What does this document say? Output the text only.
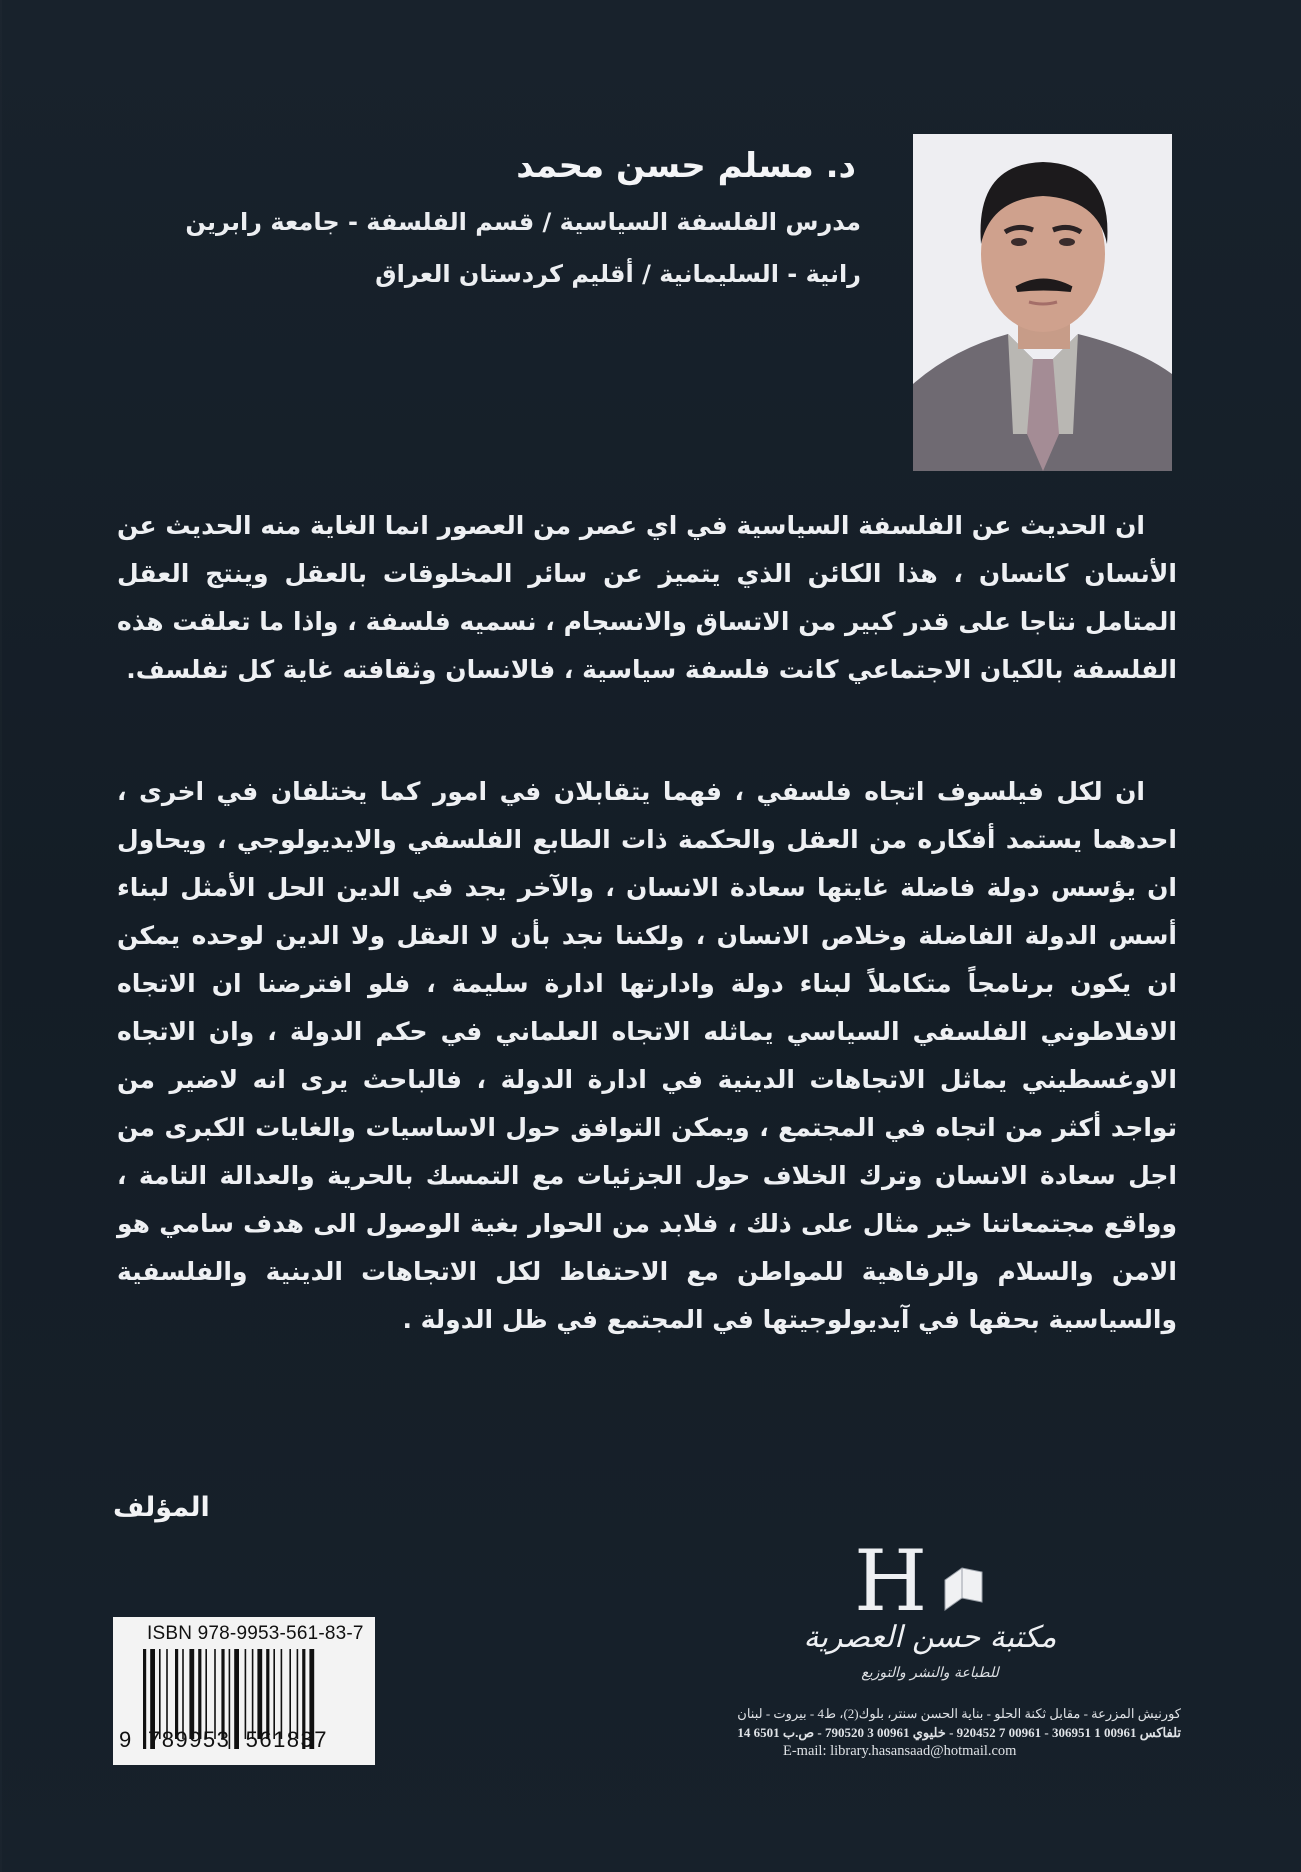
د. مسلم حسن محمد
مدرس الفلسفة السياسية / قسم الفلسفة - جامعة رابرين
رانية - السليمانية / أقليم كردستان العراق

ان الحديث عن الفلسفة السياسية في اي عصر من العصور انما الغاية منه الحديث عن الأنسان كانسان ، هذا الكائن الذي يتميز عن سائر المخلوقات بالعقل وينتج العقل المتامل نتاجا على قدر كبير من الاتساق والانسجام ، نسميه فلسفة ، واذا ما تعلقت هذه الفلسفة بالكيان الاجتماعي كانت فلسفة سياسية ، فالانسان وثقافته غاية كل تفلسف.

ان لكل فيلسوف اتجاه فلسفي ، فهما يتقابلان في امور كما يختلفان في اخرى ، احدهما يستمد أفكاره من العقل والحكمة ذات الطابع الفلسفي والايديولوجي ، ويحاول ان يؤسس دولة فاضلة غايتها سعادة الانسان ، والآخر يجد في الدين الحل الأمثل لبناء أسس الدولة الفاضلة وخلاص الانسان ، ولكننا نجد بأن لا العقل ولا الدين لوحده يمكن ان يكون برنامجاً متكاملاً لبناء دولة وادارتها ادارة سليمة ، فلو افترضنا ان الاتجاه الافلاطوني الفلسفي السياسي يماثله الاتجاه العلماني في حكم الدولة ، وان الاتجاه الاوغسطيني يماثل الاتجاهات الدينية في ادارة الدولة ، فالباحث يرى انه لاضير من تواجد أكثر من اتجاه في المجتمع ، ويمكن التوافق حول الاساسيات والغايات الكبرى من اجل سعادة الانسان وترك الخلاف حول الجزئيات مع التمسك بالحرية والعدالة التامة ، وواقع مجتمعاتنا خير مثال على ذلك ، فلابد من الحوار بغية الوصول الى هدف سامي هو الامن والسلام والرفاهية للمواطن مع الاحتفاظ لكل الاتجاهات الدينية والفلسفية والسياسية بحقها في آيديولوجيتها في المجتمع في ظل الدولة .

المؤلف
ISBN 978-9953-561-83-7
9  789953  561837
H
مكتبة حسن العصرية
للطباعة والنشر والتوزيع
كورنيش المزرعة - مقابل ثكنة الحلو - بناية الحسن سنتر، بلوك(2)، ط4 - بيروت - لبنان
تلفاكس 00961 1 306951 - 00961 7 920452 - خليوي 00961 3 790520 - ص.ب 6501 14
E-mail: library.hasansaad@hotmail.com
